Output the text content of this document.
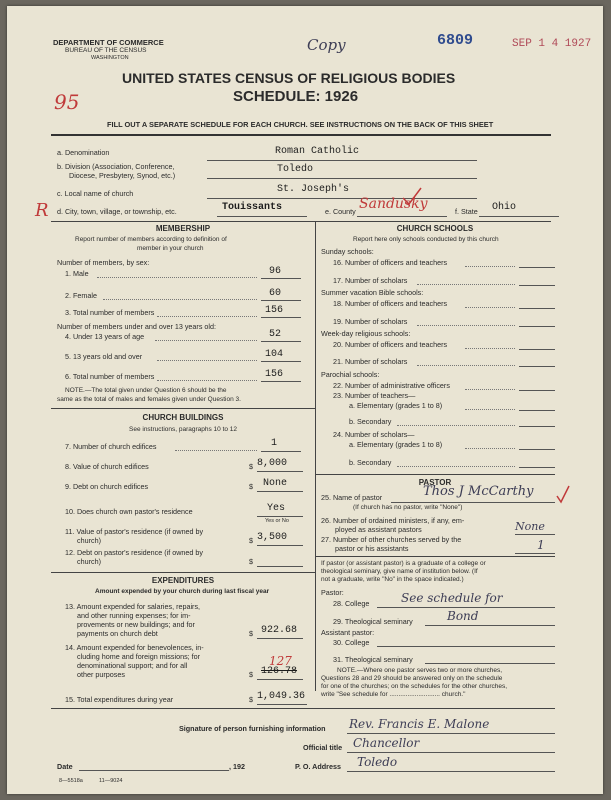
DEPARTMENT OF COMMERCE
BUREAU OF THE CENSUS
WASHINGTON
Copy	6809	SEP 1 4 1927
UNITED STATES CENSUS OF RELIGIOUS BODIES
SCHEDULE: 1926
95
FILL OUT A SEPARATE SCHEDULE FOR EACH CHURCH. SEE INSTRUCTIONS ON THE BACK OF THIS SHEET
a. Denomination	Roman Catholic
b. Division (Association, Conference,
Diocese, Presbytery, Synod, etc.)
Toledo
c. Local name of church	St. Joseph's
R d. City, town, village, or township, etc.	Touissants	e. County Sandusky	f. State Ohio
MEMBERSHIP
Report number of members according to definition of
member in your church
Number of members, by sex:
1. Male	96
2. Female	60
3. Total number of members	156
Number of members under and over 13 years old:
4. Under 13 years of age	52
5. 13 years old and over	104
6. Total number of members	156
NOTE.—The total given under Question 6 should be the
same as the total of males and females given under Question 3.
CHURCH BUILDINGS
See instructions, paragraphs 10 to 12
7. Number of church edifices	1
8. Value of church edifices	$ 8,000
9. Debt on church edifices	$ None
10. Does church own pastor's residence	Yes
Yes or No
11. Value of pastor's residence (if owned by
church)	$ 3,500
12. Debt on pastor's residence (if owned by
church)	$
EXPENDITURES
Amount expended by your church during last fiscal year
13. Amount expended for salaries, repairs,
and other running expenses; for im-
provements or new buildings; and for
payments on church debt	$ 922.68
14. Amount expended for benevolences, in-
cluding home and foreign missions; for
denominational support; and for all
other purposes
127
$ 126.78
15. Total expenditures during year	$ 1,049.36
CHURCH SCHOOLS
Report here only schools conducted by this church
Sunday schools:
16. Number of officers and teachers
17. Number of scholars
Summer vacation Bible schools:
18. Number of officers and teachers
19. Number of scholars
Week-day religious schools:
20. Number of officers and teachers
21. Number of scholars
Parochial schools:
22. Number of administrative officers
23. Number of teachers—
a. Elementary (grades 1 to 8)
b. Secondary
24. Number of scholars—
a. Elementary (grades 1 to 8)
b. Secondary
PASTOR
25. Name of pastor	Thos J McCarthy
(If church has no pastor, write "None")
26. Number of ordained ministers, if any, em-
ployed as assistant pastors	None
27. Number of other churches served by the
pastor or his assistants	1
If pastor (or assistant pastor) is a graduate of a college or
theological seminary, give name of institution below. (If
not a graduate, write "No" in the space indicated.)
Pastor:
28. College	See schedule for
29. Theological seminary	Bond
Assistant pastor:
30. College
31. Theological seminary
NOTE.—Where one pastor serves two or more churches,
Questions 28 and 29 should be answered only on the schedule
for one of the churches; on the schedules for the other churches,
write "See schedule for ............................ church."
Signature of person furnishing information Rev. Francis E. Malone
Official title Chancellor
Date	, 192	P. O. Address Toledo
8—5518a	11—9024
